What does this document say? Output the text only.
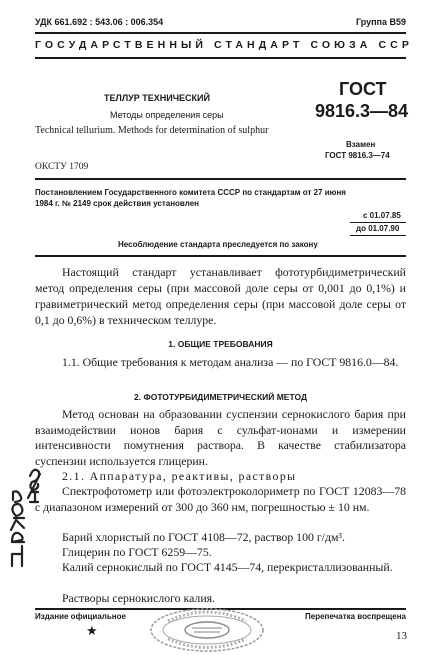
УДК 661.692 : 543.06 : 006.354	Группа В59
ГОСУДАРСТВЕННЫЙ СТАНДАРТ СОЮЗА ССР
ТЕЛЛУР ТЕХНИЧЕСКИЙ
Методы определения серы
Technical tellurium. Methods for determination of sulphur
ГОСТ
9816.3—84
Взамен
ГОСТ 9816.3—74
ОКСТУ 1709
Постановлением Государственного комитета СССР по стандартам от 27 июня
1984 г. № 2149 срок действия установлен
с 01.07.85
до 01.07.90
Несоблюдение стандарта преследуется по закону
Настоящий стандарт устанавливает фототурбидиметрический метод определения серы (при массовой доле серы от 0,001 до 0,1%) и гравиметрический метод определения серы (при массовой доле серы от 0,1 до 0,6%) в техническом теллуре.
1. ОБЩИЕ ТРЕБОВАНИЯ
1.1. Общие требования к методам анализа — по ГОСТ 9816.0—84.
2. ФОТОТУРБИДИМЕТРИЧЕСКИЙ МЕТОД
Метод основан на образовании суспензии сернокислого бария при взаимодействии ионов бария с сульфат-ионами и измерении интенсивности помутнения раствора. В качестве стабилизатора суспензии используется глицерин.
2.1. Аппаратура, реактивы, растворы
Спектрофотометр или фотоэлектроколориметр по ГОСТ 12083—78 с диапазоном измерений от 300 до 360 нм, погрешностью ± 10 нм.
Барий хлористый по ГОСТ 4108—72, раствор 100 г/дм³.
Глицерин по ГОСТ 6259—75.
Калий сернокислый по ГОСТ 4145—74, перекристаллизованный.
Растворы сернокислого калия.
Издание официальное	Перепечатка воспрещена
★	13
